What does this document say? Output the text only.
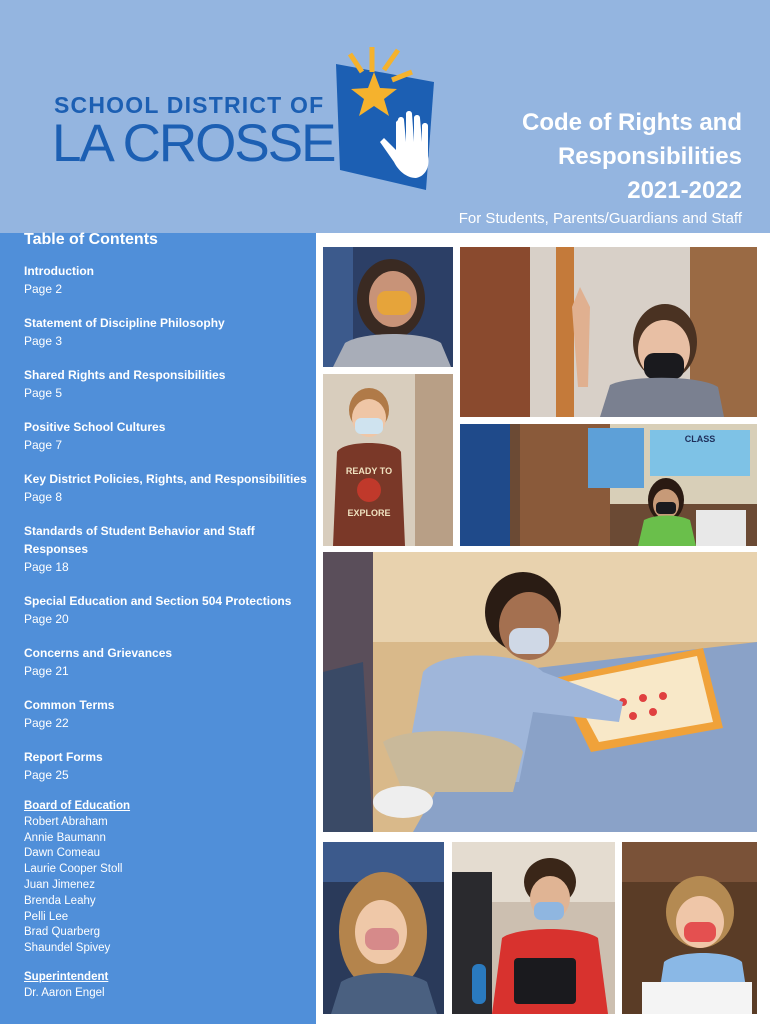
SCHOOL DISTRICT OF
LA CROSSE	Code of Rights and
Responsibilities
2021-2022
For Students, Parents/Guardians and Staff
Table of Contents
Introduction
Page 2
Statement of Discipline Philosophy
Page 3
Shared Rights and Responsibilities
Page 5
Positive School Cultures
Page 7
Key District Policies, Rights, and Responsibilities
Page 8
Standards of Student Behavior and Staff Responses
Page 18
Special Education and Section 504 Protections
Page 20
Concerns and Grievances
Page 21
Common Terms
Page 22
Report Forms
Page 25
Board of Education
Robert Abraham
Annie Baumann
Dawn Comeau
Laurie Cooper Stoll
Juan Jimenez
Brenda Leahy
Pelli Lee
Brad Quarberg
Shaundel Spivey
Superintendent
Dr. Aaron Engel
READY TO
EXPLORE
CLASS
